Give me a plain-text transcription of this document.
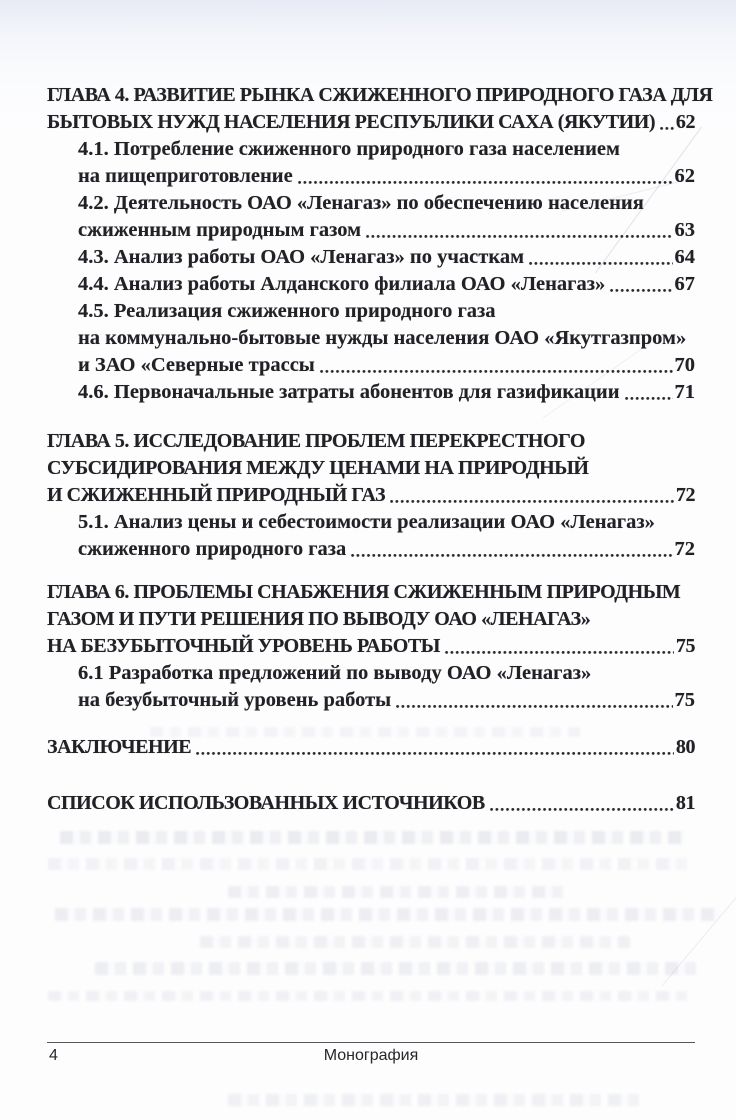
ГЛАВА 4. РАЗВИТИЕ РЫНКА СЖИЖЕННОГО ПРИРОДНОГО ГАЗА ДЛЯ
БЫТОВЫХ НУЖД НАСЕЛЕНИЯ РЕСПУБЛИКИ САХА (ЯКУТИИ) 62
4.1. Потребление сжиженного природного газа населением
на пищеприготовление	62
4.2. Деятельность ОАО «Ленагаз» по обеспечению населения
сжиженным природным газом	63
4.3. Анализ работы ОАО «Ленагаз» по участкам	64
4.4. Анализ работы Алданского филиала ОАО «Ленагаз»	67
4.5. Реализация сжиженного природного газа
на коммунально-бытовые нужды населения ОАО «Якутгазпром»
и ЗАО «Северные трассы	70
4.6. Первоначальные затраты абонентов для газификации	71
ГЛАВА 5. ИССЛЕДОВАНИЕ ПРОБЛЕМ ПЕРЕКРЕСТНОГО
СУБСИДИРОВАНИЯ МЕЖДУ ЦЕНАМИ НА ПРИРОДНЫЙ
И СЖИЖЕННЫЙ ПРИРОДНЫЙ ГАЗ	72
5.1. Анализ цены и себестоимости реализации ОАО «Ленагаз»
сжиженного природного газа	72
ГЛАВА 6. ПРОБЛЕМЫ СНАБЖЕНИЯ СЖИЖЕННЫМ ПРИРОДНЫМ
ГАЗОМ И ПУТИ РЕШЕНИЯ ПО ВЫВОДУ ОАО «ЛЕНАГАЗ»
НА БЕЗУБЫТОЧНЫЙ УРОВЕНЬ РАБОТЫ	75
6.1 Разработка предложений по выводу ОАО «Ленагаз»
на безубыточный уровень работы	75
ЗАКЛЮЧЕНИЕ	80
СПИСОК ИСПОЛЬЗОВАННЫХ ИСТОЧНИКОВ	81
4	Монография
